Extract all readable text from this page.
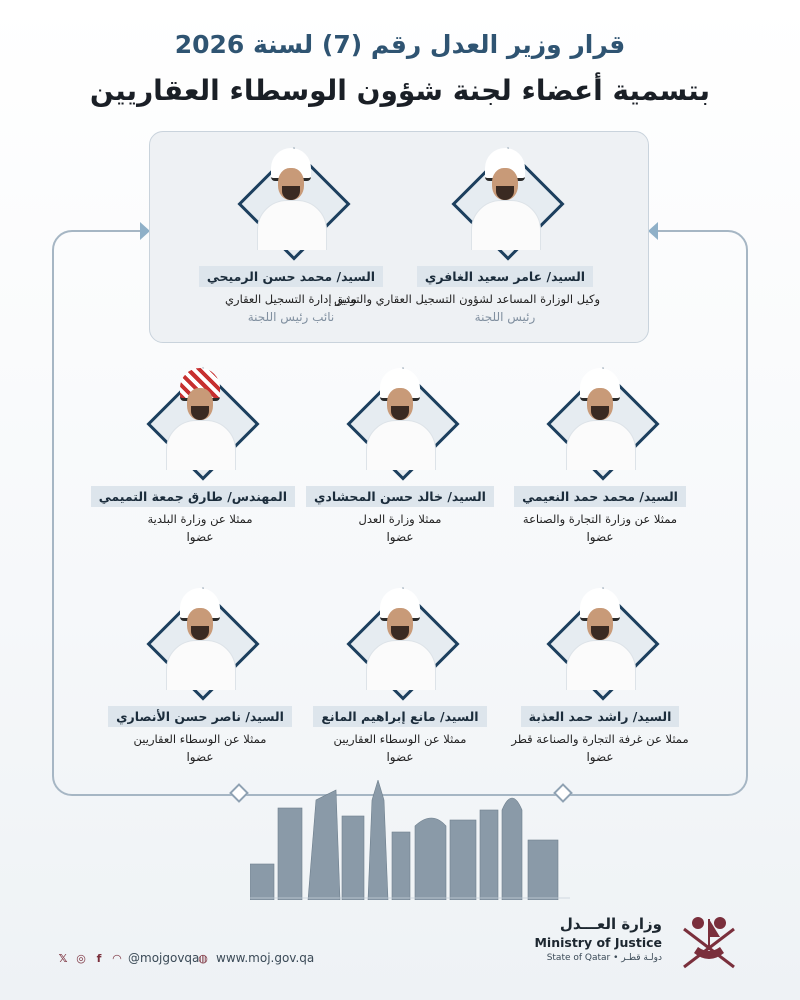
قرار وزير العدل رقم (7) لسنة 2026
بتسمية أعضاء لجنة شؤون الوسطاء العقاريين
السيد/ عامر سعيد الغافري
وكيل الوزارة المساعد لشؤون التسجيل العقاري والتوثيق
رئيس اللجنة
السيد/ محمد حسن الرميحي
مدير إدارة التسجيل العقاري
نائب رئيس اللجنة
السيد/ محمد حمد النعيمي
ممثلا عن وزارة التجارة والصناعة
عضوا
السيد/ خالد حسن المحشادي
ممثلا وزارة العدل
عضوا
المهندس/ طارق جمعة التميمي
ممثلا عن وزارة البلدية
عضوا
السيد/ راشد حمد العذبة
ممثلا عن غرفة التجارة والصناعة قطر
عضوا
السيد/ مانع إبراهيم المانع
ممثلا عن الوسطاء العقاريين
عضوا
السيد/ ناصر حسن الأنصاري
ممثلا عن الوسطاء العقاريين
عضوا
𝕏 ◎ f	◠ @mojgovqa
◍ www.moj.gov.qa
وزارة العـــدل
Ministry of Justice
State of Qatar • دولـة قطـر
